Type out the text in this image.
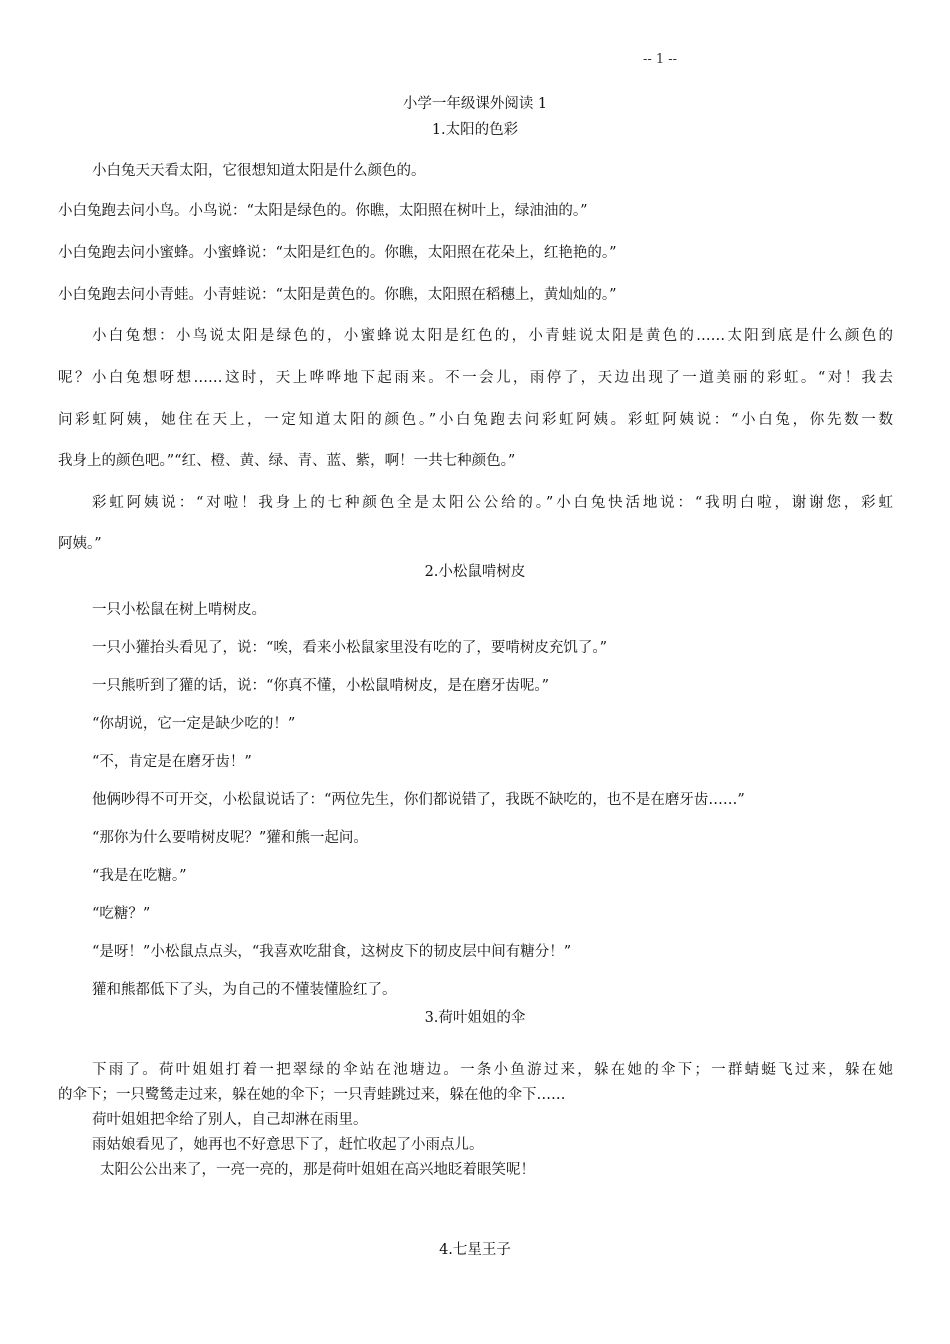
-- 1 --
小学一年级课外阅读 1
1.太阳的色彩
小白兔天天看太阳，它很想知道太阳是什么颜色的。
小白兔跑去问小鸟。小鸟说：“太阳是绿色的。你瞧，太阳照在树叶上，绿油油的。”
小白兔跑去问小蜜蜂。小蜜蜂说：“太阳是红色的。你瞧，太阳照在花朵上，红艳艳的。”
小白兔跑去问小青蛙。小青蛙说：“太阳是黄色的。你瞧，太阳照在稻穗上，黄灿灿的。”
小白兔想：小鸟说太阳是绿色的，小蜜蜂说太阳是红色的，小青蛙说太阳是黄色的……太阳到底是什么颜色的
呢？小白兔想呀想……这时，天上哗哗地下起雨来。不一会儿，雨停了，天边出现了一道美丽的彩虹。“对！我去
问彩虹阿姨，她住在天上，一定知道太阳的颜色。”小白兔跑去问彩虹阿姨。彩虹阿姨说：“小白兔，你先数一数
我身上的颜色吧。”“红、橙、黄、绿、青、蓝、紫，啊！一共七种颜色。”
彩虹阿姨说：“对啦！我身上的七种颜色全是太阳公公给的。”小白兔快活地说：“我明白啦，谢谢您，彩虹
阿姨。”
2.小松鼠啃树皮
一只小松鼠在树上啃树皮。
一只小獾抬头看见了，说：“唉，看来小松鼠家里没有吃的了，要啃树皮充饥了。”
一只熊听到了獾的话，说：“你真不懂，小松鼠啃树皮，是在磨牙齿呢。”
“你胡说，它一定是缺少吃的！”
“不，肯定是在磨牙齿！”
他俩吵得不可开交，小松鼠说话了：“两位先生，你们都说错了，我既不缺吃的，也不是在磨牙齿……”
“那你为什么要啃树皮呢？”獾和熊一起问。
“我是在吃糖。”
“吃糖？”
“是呀！”小松鼠点点头，“我喜欢吃甜食，这树皮下的韧皮层中间有糖分！”
獾和熊都低下了头，为自己的不懂装懂脸红了。
3.荷叶姐姐的伞
下雨了。荷叶姐姐打着一把翠绿的伞站在池塘边。一条小鱼游过来，躲在她的伞下；一群蜻蜓飞过来，躲在她
的伞下；一只鹭鸶走过来，躲在她的伞下；一只青蛙跳过来，躲在他的伞下……
荷叶姐姐把伞给了别人，自己却淋在雨里。
雨姑娘看见了，她再也不好意思下了，赶忙收起了小雨点儿。
太阳公公出来了，一亮一亮的，那是荷叶姐姐在高兴地眨着眼笑呢！
4.七星王子
